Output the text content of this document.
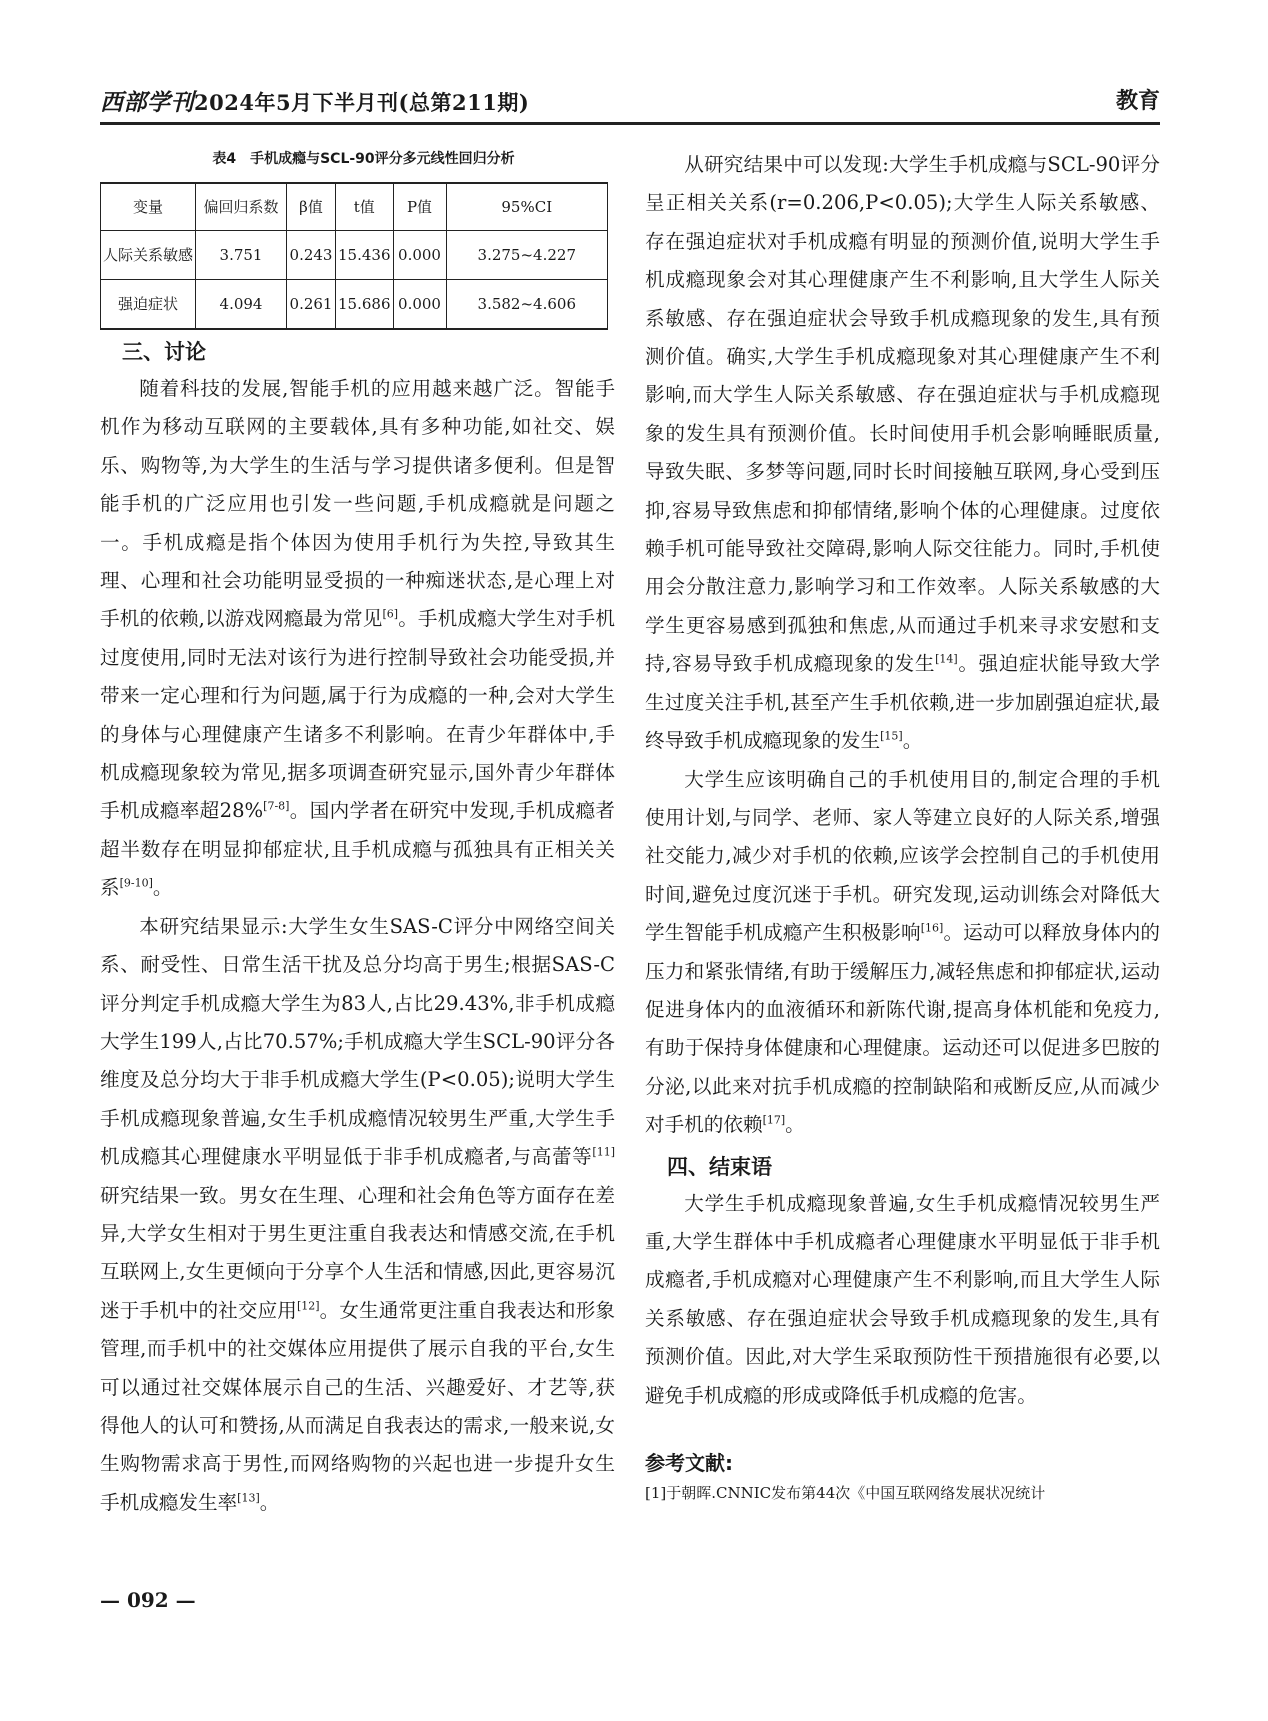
西部学刊2024年5月下半月刊(总第211期)	教育
表4　手机成瘾与SCL-90评分多元线性回归分析
变量	偏回归系数	β值	t值	P值	95%CI
人际关系敏感	3.751	0.243	15.436	0.000	3.275~4.227
强迫症状	4.094	0.261	15.686	0.000	3.582~4.606
三、讨论

随着科技的发展,智能手机的应用越来越广泛。智能手机作为移动互联网的主要载体,具有多种功能,如社交、娱乐、购物等,为大学生的生活与学习提供诸多便利。但是智能手机的广泛应用也引发一些问题,手机成瘾就是问题之一。手机成瘾是指个体因为使用手机行为失控,导致其生理、心理和社会功能明显受损的一种痴迷状态,是心理上对手机的依赖,以游戏网瘾最为常见[6]。手机成瘾大学生对手机过度使用,同时无法对该行为进行控制导致社会功能受损,并带来一定心理和行为问题,属于行为成瘾的一种,会对大学生的身体与心理健康产生诸多不利影响。在青少年群体中,手机成瘾现象较为常见,据多项调查研究显示,国外青少年群体手机成瘾率超28%[7-8]。国内学者在研究中发现,手机成瘾者超半数存在明显抑郁症状,且手机成瘾与孤独具有正相关关系[9-10]。

本研究结果显示:大学生女生SAS-C评分中网络空间关系、耐受性、日常生活干扰及总分均高于男生;根据SAS-C评分判定手机成瘾大学生为83人,占比29.43%,非手机成瘾大学生199人,占比70.57%;手机成瘾大学生SCL-90评分各维度及总分均大于非手机成瘾大学生(P<0.05);说明大学生手机成瘾现象普遍,女生手机成瘾情况较男生严重,大学生手机成瘾其心理健康水平明显低于非手机成瘾者,与高蕾等[11]研究结果一致。男女在生理、心理和社会角色等方面存在差异,大学女生相对于男生更注重自我表达和情感交流,在手机互联网上,女生更倾向于分享个人生活和情感,因此,更容易沉迷于手机中的社交应用[12]。女生通常更注重自我表达和形象管理,而手机中的社交媒体应用提供了展示自我的平台,女生可以通过社交媒体展示自己的生活、兴趣爱好、才艺等,获得他人的认可和赞扬,从而满足自我表达的需求,一般来说,女生购物需求高于男性,而网络购物的兴起也进一步提升女生手机成瘾发生率[13]。

从研究结果中可以发现:大学生手机成瘾与SCL-90评分呈正相关关系(r=0.206,P<0.05);大学生人际关系敏感、存在强迫症状对手机成瘾有明显的预测价值,说明大学生手机成瘾现象会对其心理健康产生不利影响,且大学生人际关系敏感、存在强迫症状会导致手机成瘾现象的发生,具有预测价值。确实,大学生手机成瘾现象对其心理健康产生不利影响,而大学生人际关系敏感、存在强迫症状与手机成瘾现象的发生具有预测价值。长时间使用手机会影响睡眠质量,导致失眠、多梦等问题,同时长时间接触互联网,身心受到压抑,容易导致焦虑和抑郁情绪,影响个体的心理健康。过度依赖手机可能导致社交障碍,影响人际交往能力。同时,手机使用会分散注意力,影响学习和工作效率。人际关系敏感的大学生更容易感到孤独和焦虑,从而通过手机来寻求安慰和支持,容易导致手机成瘾现象的发生[14]。强迫症状能导致大学生过度关注手机,甚至产生手机依赖,进一步加剧强迫症状,最终导致手机成瘾现象的发生[15]。

大学生应该明确自己的手机使用目的,制定合理的手机使用计划,与同学、老师、家人等建立良好的人际关系,增强社交能力,减少对手机的依赖,应该学会控制自己的手机使用时间,避免过度沉迷于手机。研究发现,运动训练会对降低大学生智能手机成瘾产生积极影响[16]。运动可以释放身体内的压力和紧张情绪,有助于缓解压力,减轻焦虑和抑郁症状,运动促进身体内的血液循环和新陈代谢,提高身体机能和免疫力,有助于保持身体健康和心理健康。运动还可以促进多巴胺的分泌,以此来对抗手机成瘾的控制缺陷和戒断反应,从而减少对手机的依赖[17]。

四、结束语

大学生手机成瘾现象普遍,女生手机成瘾情况较男生严重,大学生群体中手机成瘾者心理健康水平明显低于非手机成瘾者,手机成瘾对心理健康产生不利影响,而且大学生人际关系敏感、存在强迫症状会导致手机成瘾现象的发生,具有预测价值。因此,对大学生采取预防性干预措施很有必要,以避免手机成瘾的形成或降低手机成瘾的危害。

参考文献:

[1]于朝晖.CNNIC发布第44次《中国互联网络发展状况统计

— 092 —
